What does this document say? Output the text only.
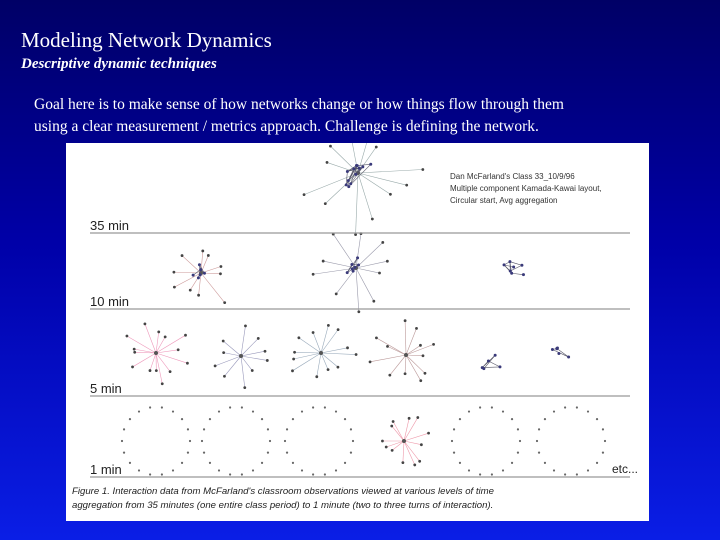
Modeling Network Dynamics
Descriptive dynamic techniques
Goal here is to make sense of how networks change or how things flow through them
using a clear measurement / metrics approach. Challenge is defining the network.
Dan McFarland's Class 33_10/9/96
Multiple component Kamada-Kawai layout,
Circular start, Avg aggregation
35 min
10 min
5 min
1 min	etc...
Figure 1. Interaction data from McFarland's classroom observations viewed at various levels of time
aggregation from 35 minutes (one entire class period) to 1 minute (two to three turns of interaction).
